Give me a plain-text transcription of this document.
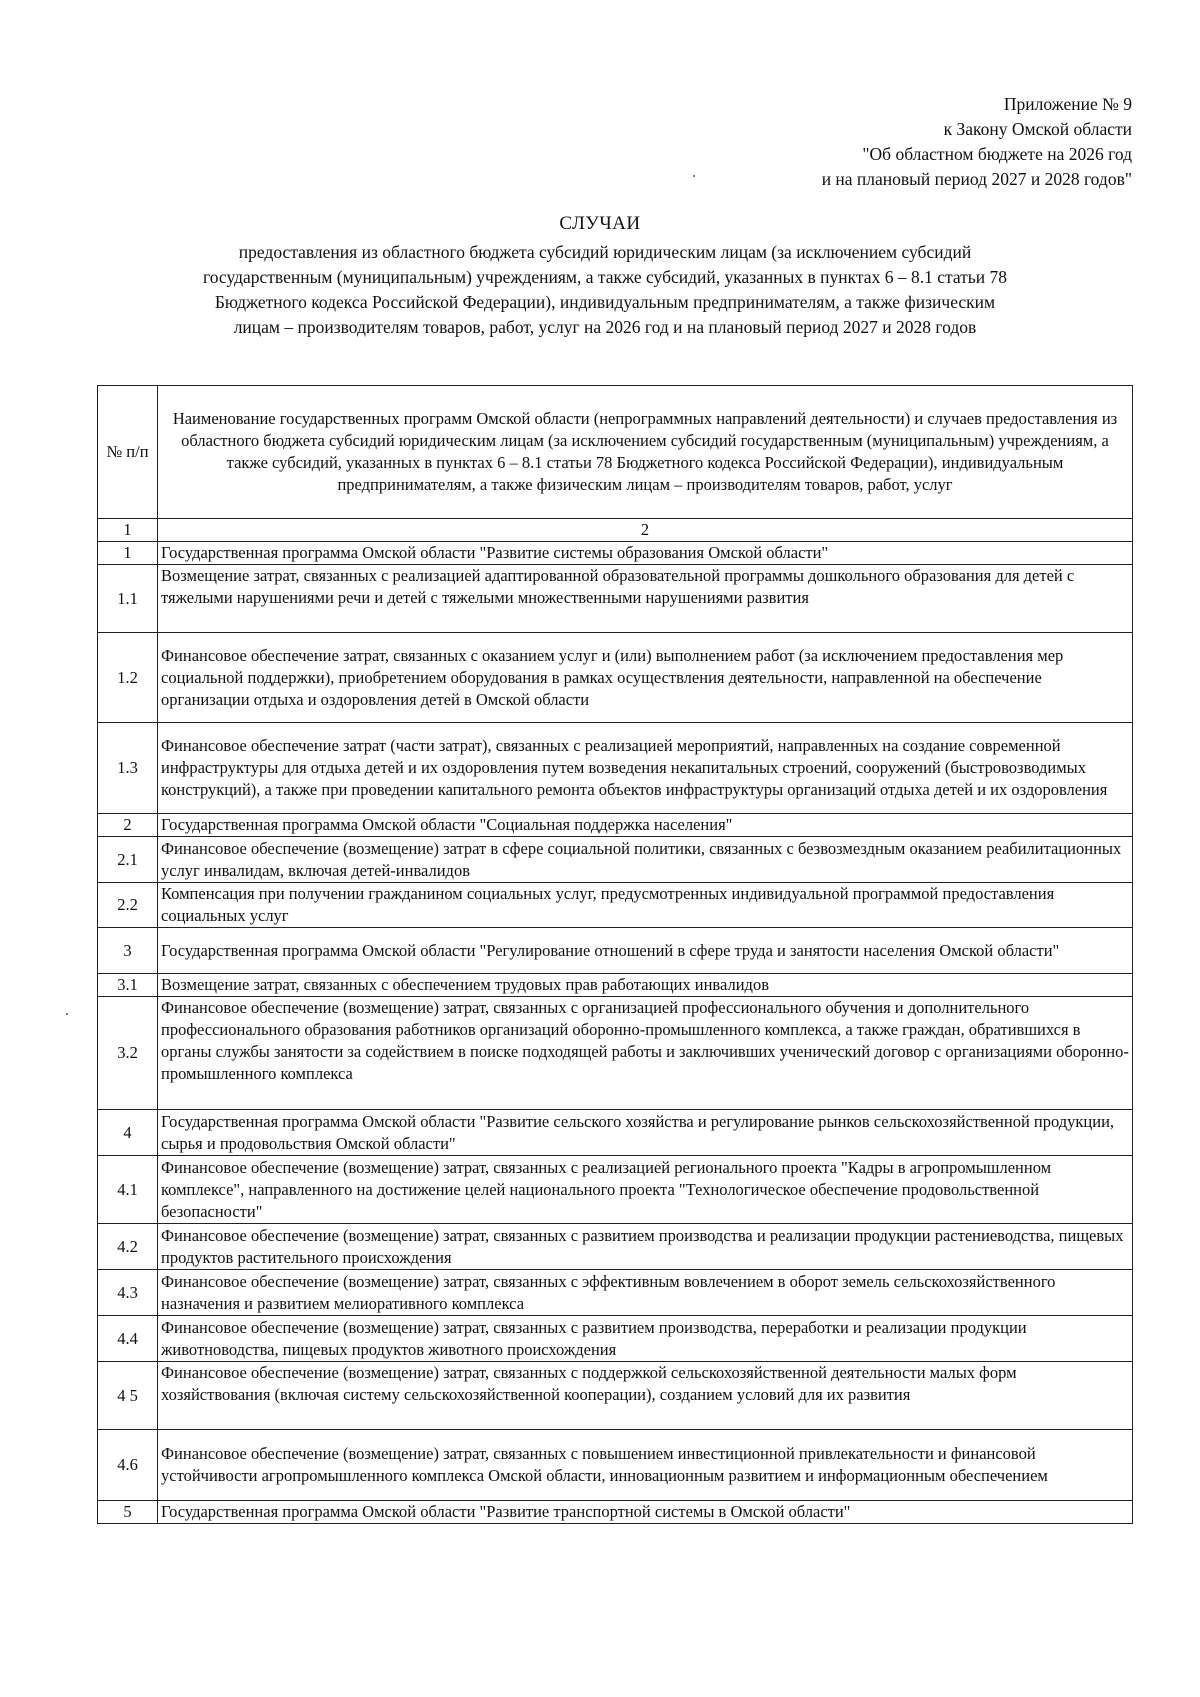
Приложение № 9
к Закону Омской области
"Об областном бюджете на 2026 год
и на плановый период 2027 и 2028 годов"
СЛУЧАИ
предоставления из областного бюджета субсидий юридическим лицам (за исключением субсидий государственным (муниципальным) учреждениям, а также субсидий, указанных в пунктах 6 – 8.1 статьи 78 Бюджетного кодекса Российской Федерации), индивидуальным предпринимателям, а также физическим лицам – производителям товаров, работ, услуг на 2026 год и на плановый период 2027 и 2028 годов
№ п/п	Наименование государственных программ Омской области (непрограммных направлений деятельности) и случаев предоставления из областного бюджета субсидий юридическим лицам (за исключением субсидий государственным (муниципальным) учреждениям, а также субсидий, указанных в пунктах 6 – 8.1 статьи 78 Бюджетного кодекса Российской Федерации), индивидуальным предпринимателям, а также физическим лицам – производителям товаров, работ, услуг
1	2
1	Государственная программа Омской области "Развитие системы образования Омской области"
1.1	Возмещение затрат, связанных с реализацией адаптированной образовательной программы дошкольного образования для детей с тяжелыми нарушениями речи и детей с тяжелыми множественными нарушениями развития
1.2	Финансовое обеспечение затрат, связанных с оказанием услуг и (или) выполнением работ (за исключением предоставления мер социальной поддержки), приобретением оборудования в рамках осуществления деятельности, направленной на обеспечение организации отдыха и оздоровления детей в Омской области
1.3	Финансовое обеспечение затрат (части затрат), связанных с реализацией мероприятий, направленных на создание современной инфраструктуры для отдыха детей и их оздоровления путем возведения некапитальных строений, сооружений (быстровозводимых конструкций), а также при проведении капитального ремонта объектов инфраструктуры организаций отдыха детей и их оздоровления
2	Государственная программа Омской области "Социальная поддержка населения"
2.1	Финансовое обеспечение (возмещение) затрат в сфере социальной политики, связанных с безвозмездным оказанием реабилитационных услуг инвалидам, включая детей-инвалидов
2.2	Компенсация при получении гражданином социальных услуг, предусмотренных индивидуальной программой предоставления социальных услуг
3	Государственная программа Омской области "Регулирование отношений в сфере труда и занятости населения Омской области"
3.1	Возмещение затрат, связанных с обеспечением трудовых прав работающих инвалидов
3.2	Финансовое обеспечение (возмещение) затрат, связанных с организацией профессионального обучения и дополнительного профессионального образования работников организаций оборонно-промышленного комплекса, а также граждан, обратившихся в органы службы занятости за содействием в поиске подходящей работы и заключивших ученический договор с организациями оборонно-промышленного комплекса
4	Государственная программа Омской области "Развитие сельского хозяйства и регулирование рынков сельскохозяйственной продукции, сырья и продовольствия Омской области"
4.1	Финансовое обеспечение (возмещение) затрат, связанных с реализацией регионального проекта "Кадры в агропромышленном комплексе", направленного на достижение целей национального проекта "Технологическое обеспечение продовольственной безопасности"
4.2	Финансовое обеспечение (возмещение) затрат, связанных с развитием производства и реализации продукции растениеводства, пищевых продуктов растительного происхождения
4.3	Финансовое обеспечение (возмещение) затрат, связанных с эффективным вовлечением в оборот земель сельскохозяйственного назначения и развитием мелиоративного комплекса
4.4	Финансовое обеспечение (возмещение) затрат, связанных с развитием производства, переработки и реализации продукции животноводства, пищевых продуктов животного происхождения
4 5	Финансовое обеспечение (возмещение) затрат, связанных с поддержкой сельскохозяйственной деятельности малых форм хозяйствования (включая систему сельскохозяйственной кооперации), созданием условий для их развития
4.6	Финансовое обеспечение (возмещение) затрат, связанных с повышением инвестиционной привлекательности и финансовой устойчивости агропромышленного комплекса Омской области, инновационным развитием и информационным обеспечением
5	Государственная программа Омской области "Развитие транспортной системы в Омской области"
